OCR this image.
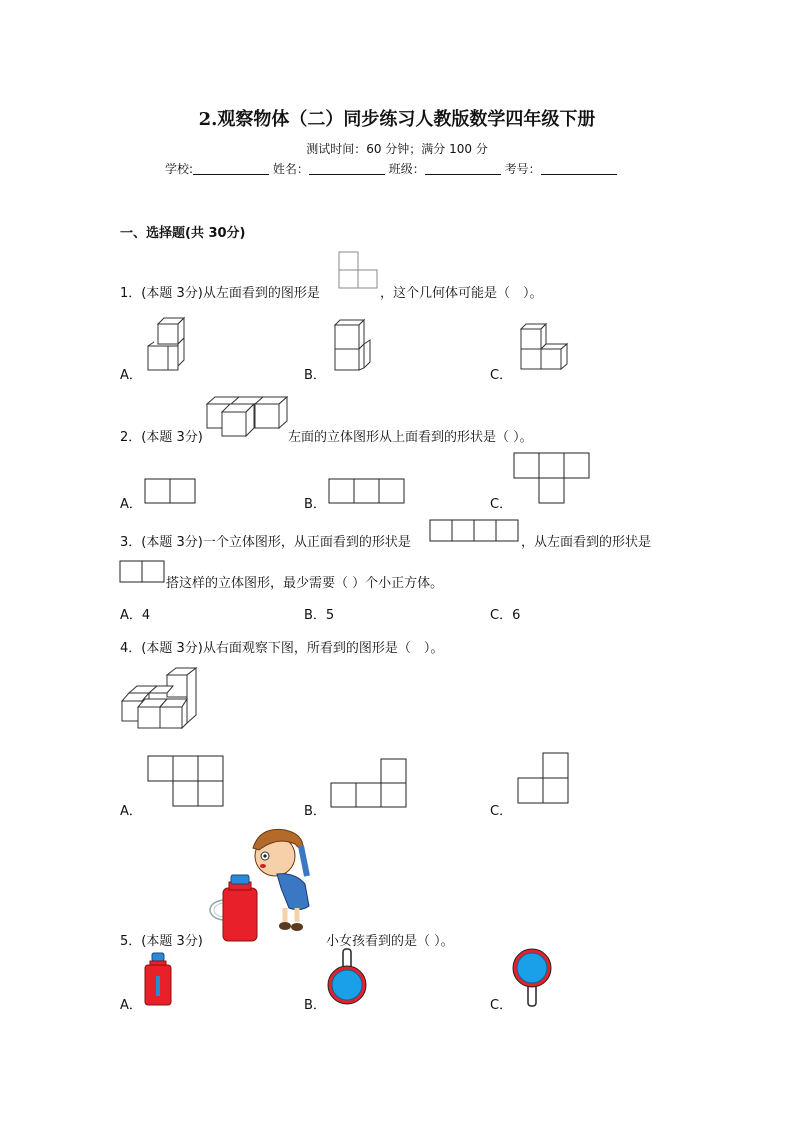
2.观察物体（二）同步练习人教版数学四年级下册
测试时间：60 分钟；满分 100 分
学校:	姓名：	班级：	考号：
一、选择题(共 30分)
1．(本题 3分)从左面看到的图形是	，这个几何体可能是（　）。
A．	B．	C．
2．(本题 3分)	左面的立体图形从上面看到的形状是（ ）。
A．	B．	C．
3．(本题 3分)一个立体图形，从正面看到的形状是	，从左面看到的形状是
搭这样的立体图形，最少需要（ ）个小正方体。
A．4	B．5	C．6
4．(本题 3分)从右面观察下图，所看到的图形是（　）。
A．	B．	C．
5．(本题 3分)	小女孩看到的是（ ）。
A．	B．	C．
